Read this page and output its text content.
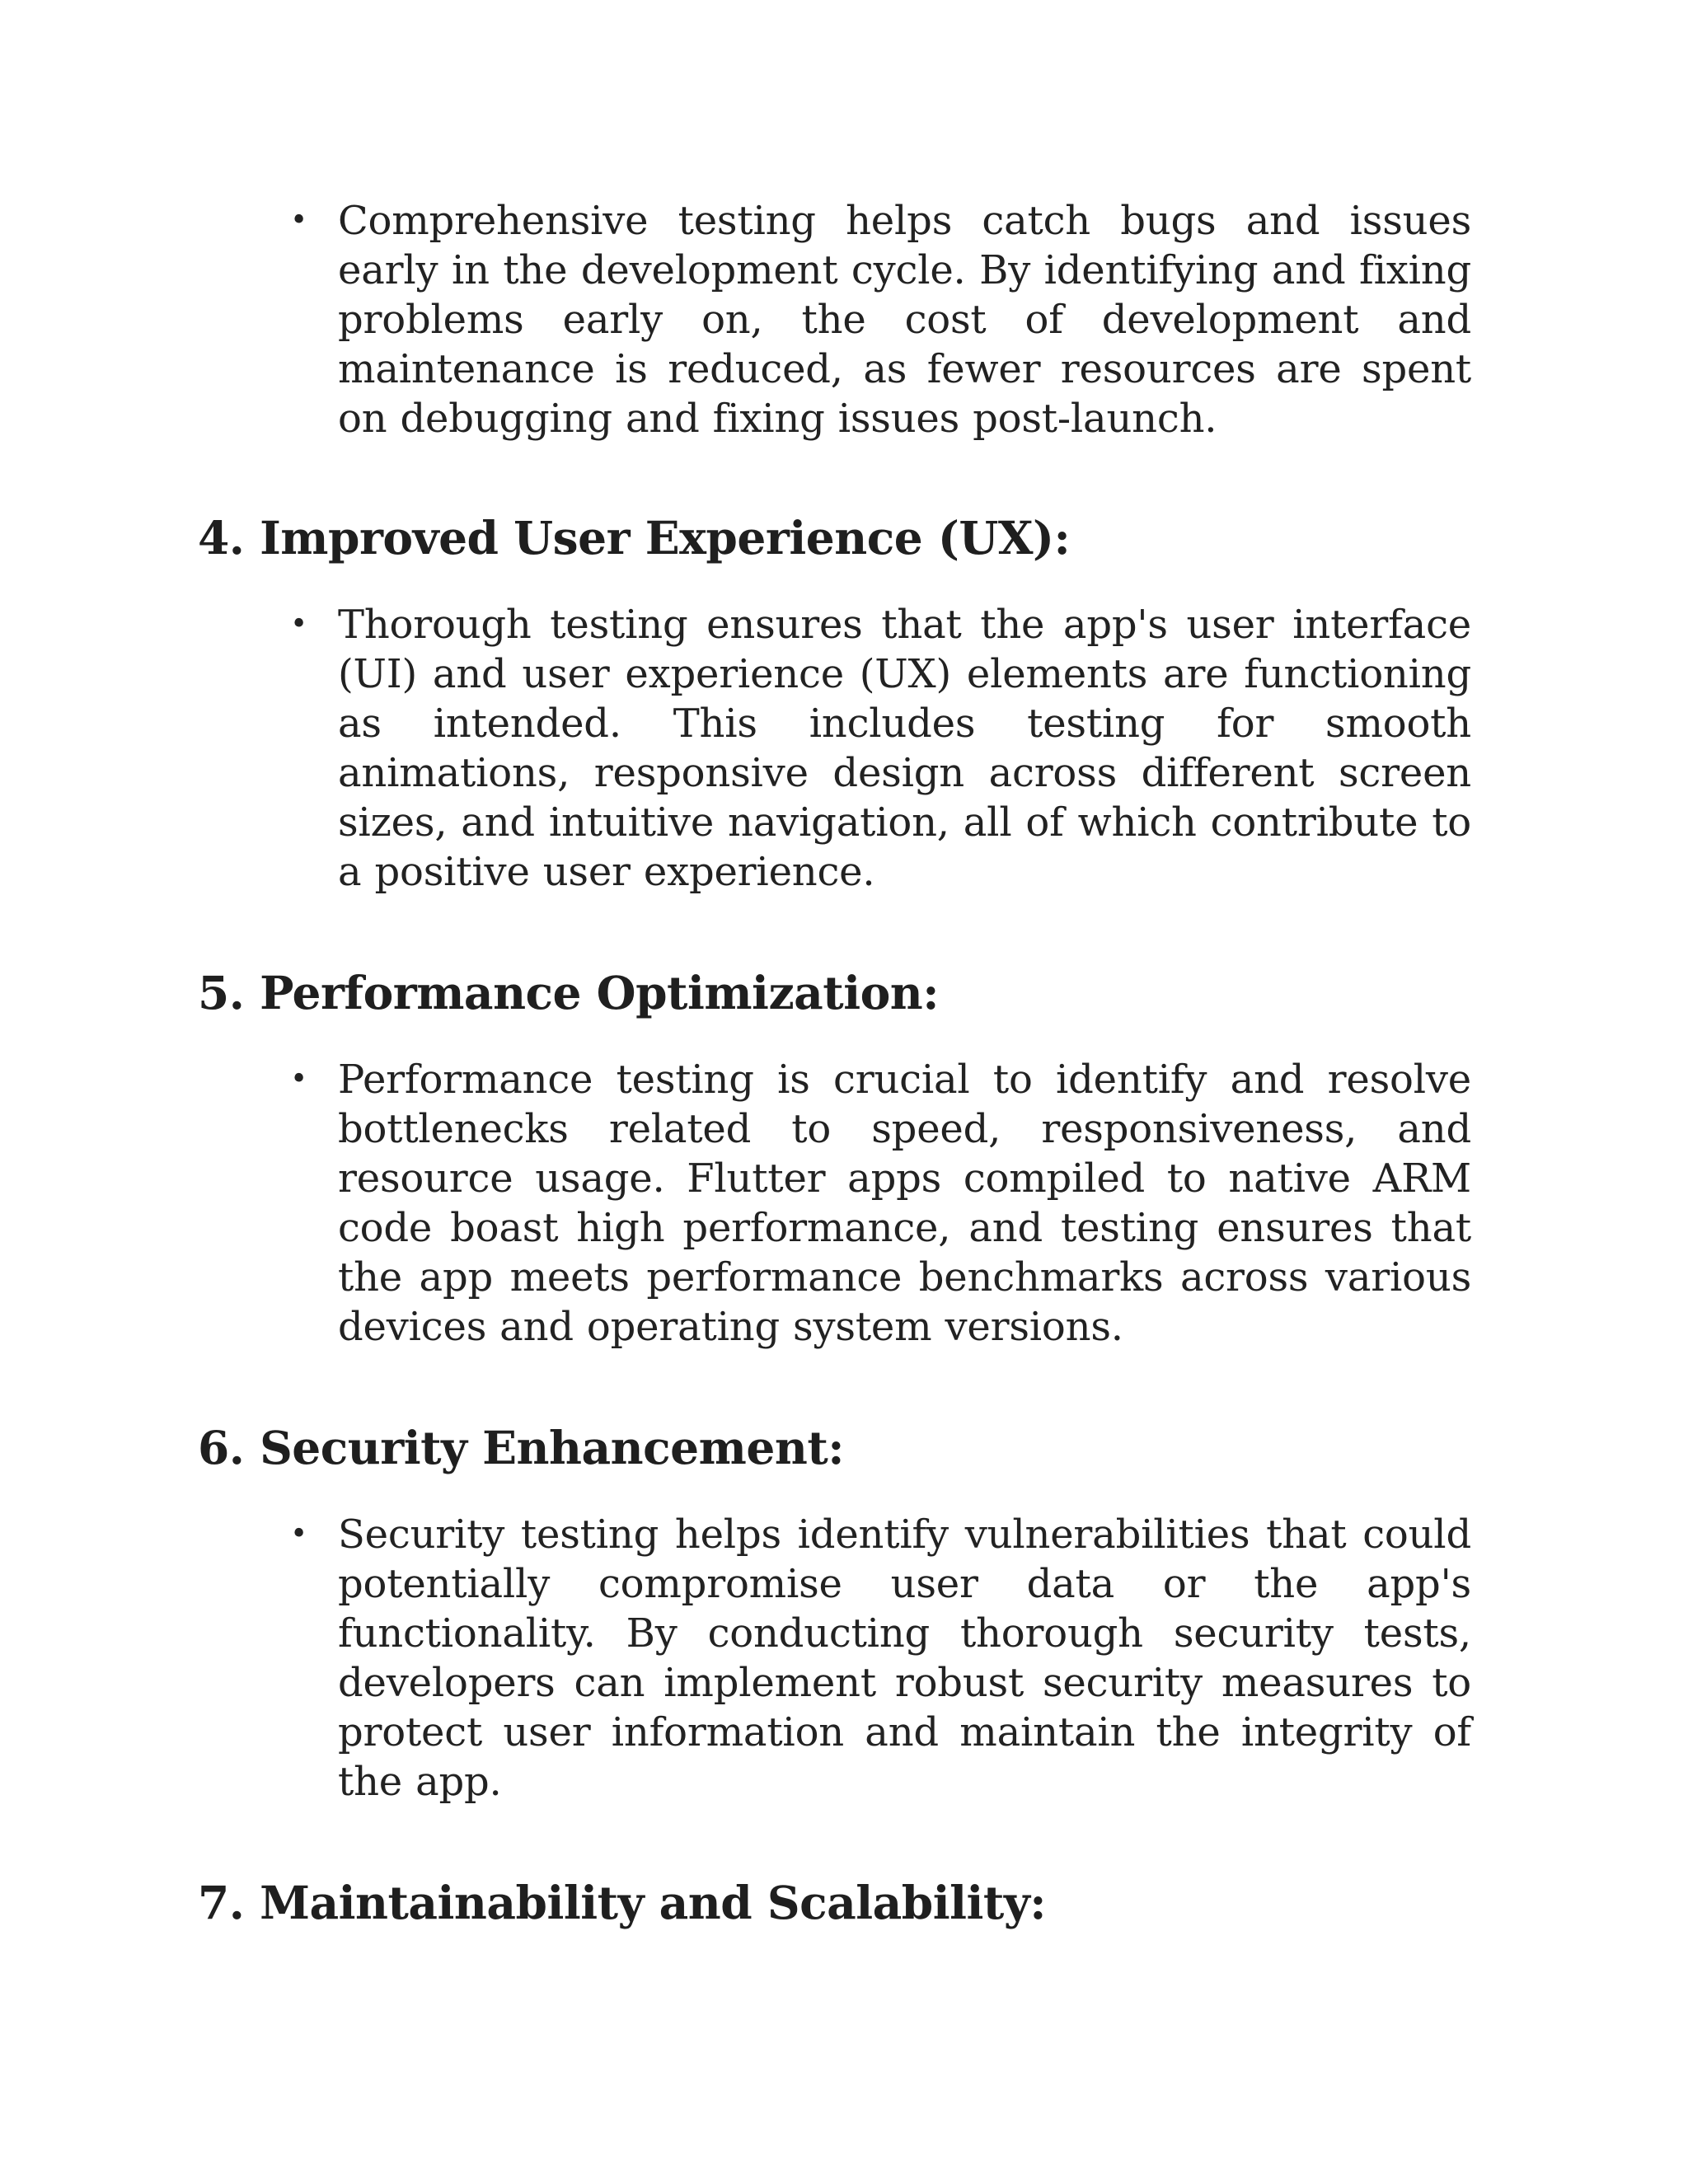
• Comprehensive testing helps catch bugs and issues early in the development cycle. By identifying and fixing problems early on, the cost of development and maintenance is reduced, as fewer resources are spent on debugging and fixing issues post-launch.
4. Improved User Experience (UX):
• Thorough testing ensures that the app's user interface (UI) and user experience (UX) elements are functioning as intended. This includes testing for smooth animations, responsive design across different screen sizes, and intuitive navigation, all of which contribute to a positive user experience.
5. Performance Optimization:
• Performance testing is crucial to identify and resolve bottlenecks related to speed, responsiveness, and resource usage. Flutter apps compiled to native ARM code boast high performance, and testing ensures that the app meets performance benchmarks across various devices and operating system versions.
6. Security Enhancement:
• Security testing helps identify vulnerabilities that could potentially compromise user data or the app's functionality. By conducting thorough security tests, developers can implement robust security measures to protect user information and maintain the integrity of the app.
7. Maintainability and Scalability:
